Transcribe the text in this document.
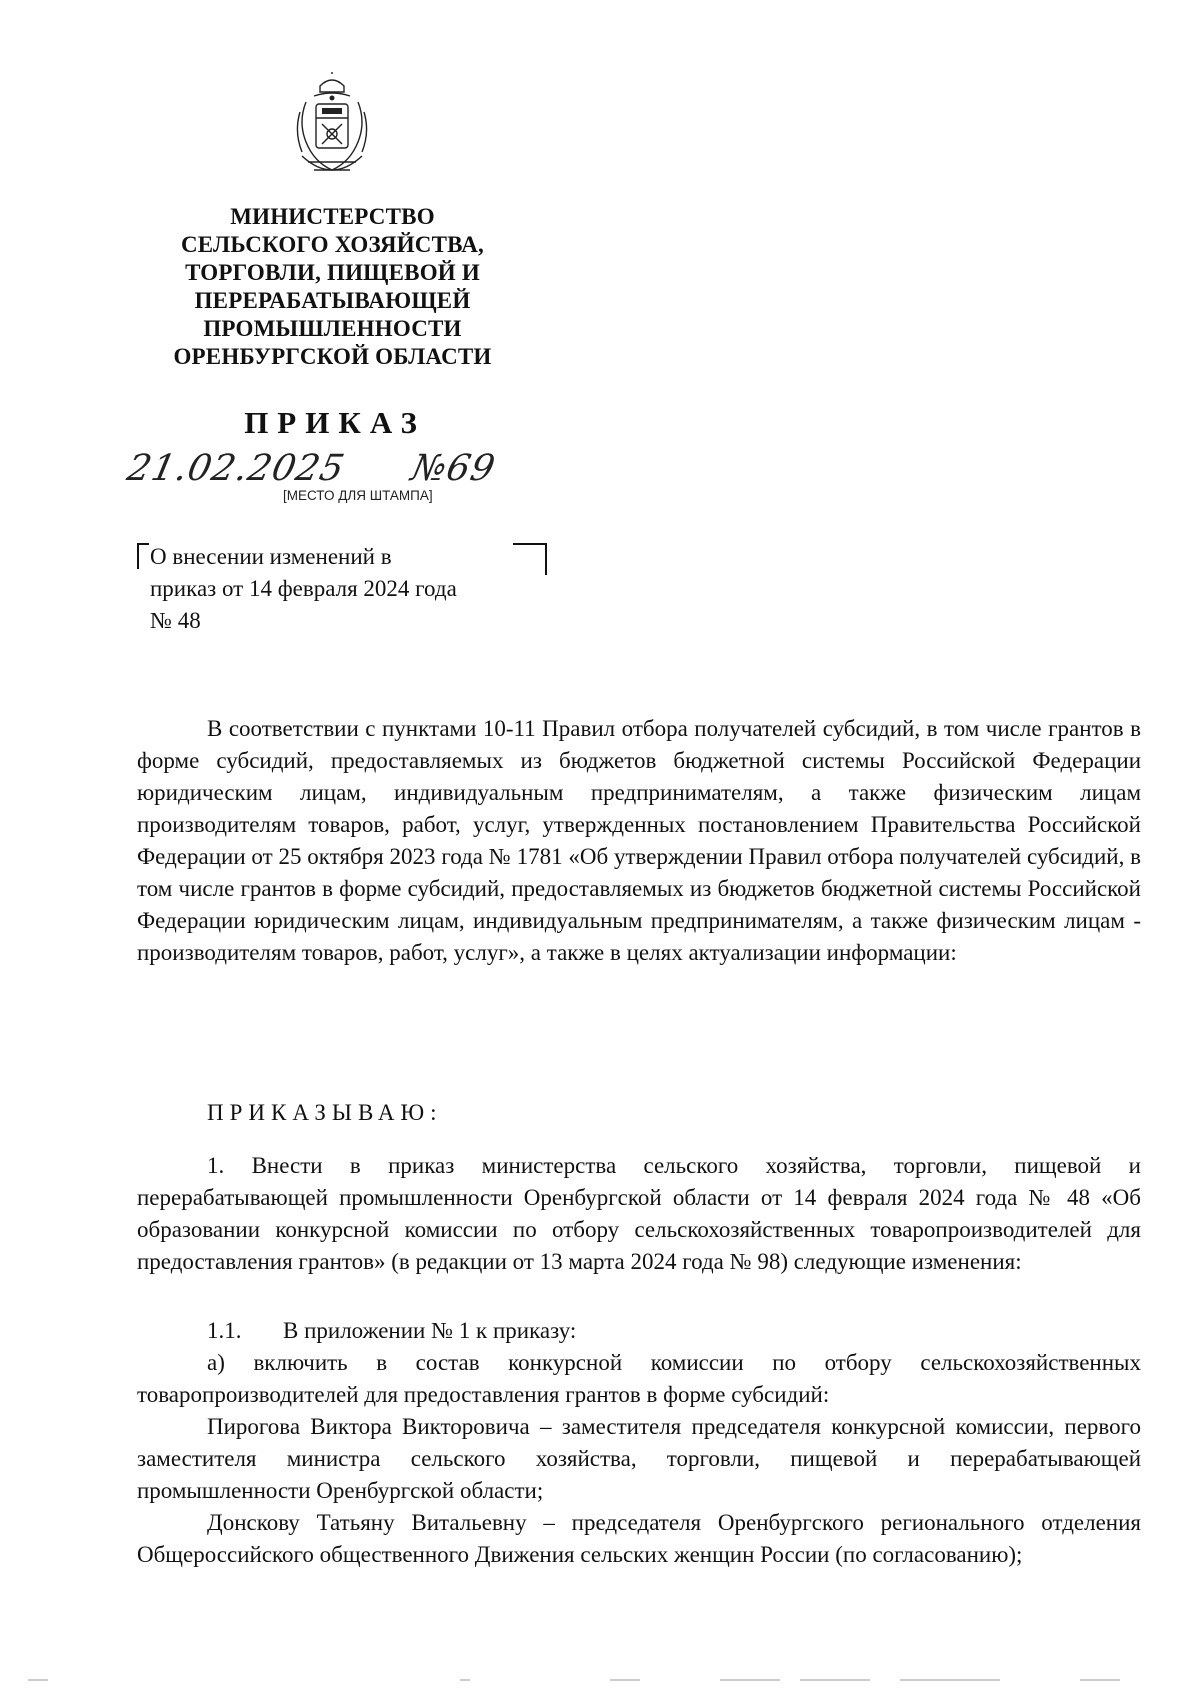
МИНИСТЕРСТВО
СЕЛЬСКОГО ХОЗЯЙСТВА,
ТОРГОВЛИ, ПИЩЕВОЙ И
ПЕРЕРАБАТЫВАЮЩЕЙ
ПРОМЫШЛЕННОСТИ
ОРЕНБУРГСКОЙ ОБЛАСТИ
ПРИКАЗ
21.02.2025 №69
[МЕСТО ДЛЯ ШТАМПА]
О внесении изменений в
приказ от 14 февраля 2024 года
№ 48

В соответствии с пунктами 10-11 Правил отбора получателей субсидий, в том числе грантов в форме субсидий, предоставляемых из бюджетов бюджетной системы Российской Федерации юридическим лицам, индивидуальным предпринимателям, а также физическим лицам производителям товаров, работ, услуг, утвержденных постановлением Правительства Российской Федерации от 25 октября 2023 года № 1781 «Об утверждении Правил отбора получателей субсидий, в том числе грантов в форме субсидий, предоставляемых из бюджетов бюджетной системы Российской Федерации юридическим лицам, индивидуальным предпринимателям, а также физическим лицам - производителям товаров, работ, услуг», а также в целях актуализации информации:

ПРИКАЗЫВАЮ:

1. Внести в приказ министерства сельского хозяйства, торговли, пищевой и перерабатывающей промышленности Оренбургской области от 14 февраля 2024 года № 48 «Об образовании конкурсной комиссии по отбору сельскохозяйственных товаропроизводителей для предоставления грантов» (в редакции от 13 марта 2024 года № 98) следующие изменения:

1.1. В приложении № 1 к приказу:

а) включить в состав конкурсной комиссии по отбору сельскохозяйственных товаропроизводителей для предоставления грантов в форме субсидий:

Пирогова Виктора Викторовича – заместителя председателя конкурсной комиссии, первого заместителя министра сельского хозяйства, торговли, пищевой и перерабатывающей промышленности Оренбургской области;

Донскову Татьяну Витальевну – председателя Оренбургского регионального отделения Общероссийского общественного Движения сельских женщин России (по согласованию);
